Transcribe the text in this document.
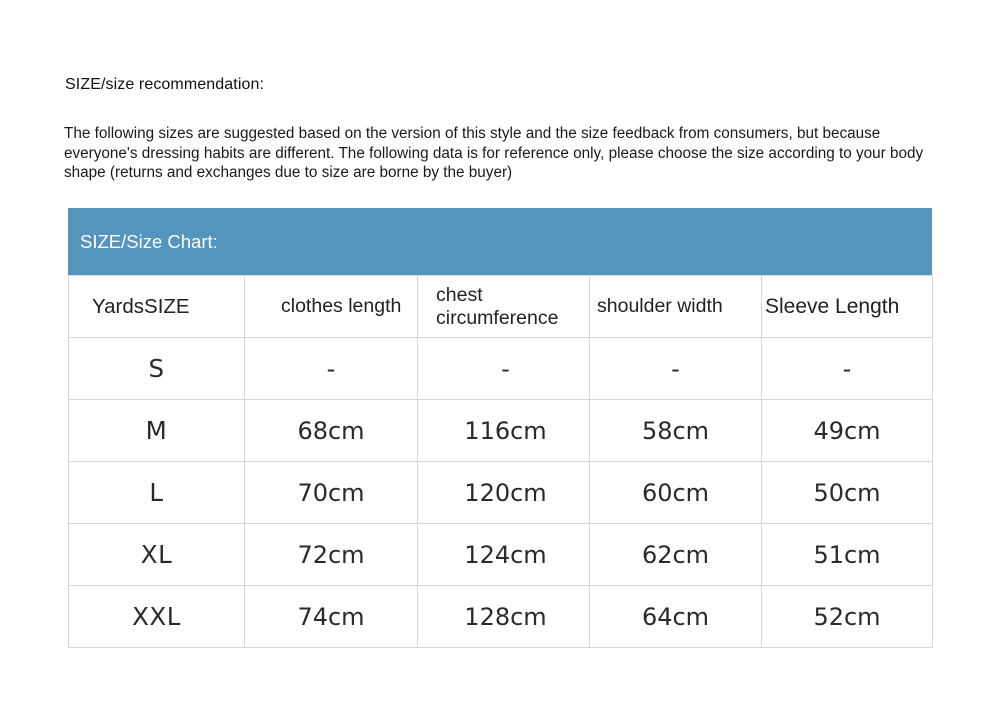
SIZE/size recommendation:
The following sizes are suggested based on the version of this style and the size feedback from consumers, but because everyone's dressing habits are different. The following data is for reference only, please choose the size according to your body shape (returns and exchanges due to size are borne by the buyer)
SIZE/Size Chart:
YardsSIZE	clothes length	chest circumference	shoulder width	Sleeve Length

S	-	-	-	-
M	68cm	116cm	58cm	49cm
L	70cm	120cm	60cm	50cm
XL	72cm	124cm	62cm	51cm
XXL	74cm	128cm	64cm	52cm
